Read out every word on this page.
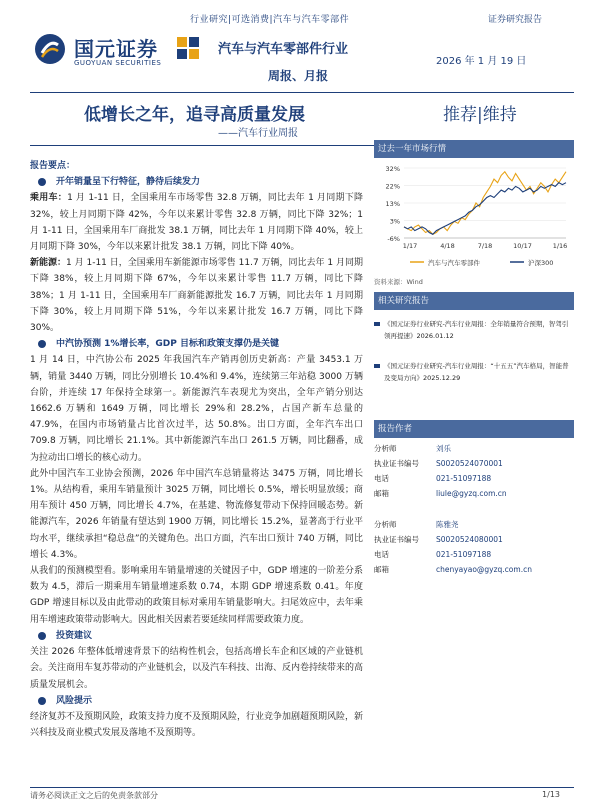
行业研究|可选消费|汽车与汽车零部件	证券研究报告
国元证券
GUOYUAN SECURITIES
汽车与汽车零部件行业
周报、月报
2026 年 1 月 19 日
低增长之年，追寻高质量发展
——汽车行业周报
推荐|维持

报告要点：

开年销量呈下行特征，静待后续发力

乘用车：1 月 1-11 日，全国乘用车市场零售 32.8 万辆，同比去年 1 月同期下降 32%，较上月同期下降 42%，今年以来累计零售 32.8 万辆，同比下降 32%；1 月 1-11 日，全国乘用车厂商批发 38.1 万辆，同比去年 1 月同期下降 40%，较上月同期下降 30%，今年以来累计批发 38.1 万辆，同比下降 40%。

新能源：1 月 1-11 日，全国乘用车新能源市场零售 11.7 万辆，同比去年 1 月同期下降 38%，较上月同期下降 67%，今年以来累计零售 11.7 万辆，同比下降 38%；1 月 1-11 日，全国乘用车厂商新能源批发 16.7 万辆，同比去年 1 月同期下降 30%，较上月同期下降 51%，今年以来累计批发 16.7 万辆，同比下降 30%。

中汽协预测 1%增长率，GDP 目标和政策支撑仍是关键

1 月 14 日，中汽协公布 2025 年我国汽车产销再创历史新高：产量 3453.1 万辆，销量 3440 万辆，同比分别增长 10.4%和 9.4%，连续第三年站稳 3000 万辆台阶，并连续 17 年保持全球第一。新能源汽车表现尤为突出，全年产销分别达 1662.6 万辆和 1649 万辆，同比增长 29%和 28.2%，占国产新车总量的 47.9%，在国内市场销量占比首次过半，达 50.8%。出口方面，全年汽车出口 709.8 万辆，同比增长 21.1%。其中新能源汽车出口 261.5 万辆，同比翻番，成为拉动出口增长的核心动力。

此外中国汽车工业协会预测，2026 年中国汽车总销量将达 3475 万辆，同比增长 1%。从结构看，乘用车销量预计 3025 万辆，同比增长 0.5%，增长明显放缓；商用车预计 450 万辆，同比增长 4.7%，在基建、物流修复带动下保持回暖态势。新能源汽车，2026 年销量有望达到 1900 万辆，同比增长 15.2%，显著高于行业平均水平，继续承担“稳总盘”的关键角色。出口方面，汽车出口预计 740 万辆，同比增长 4.3%。

从我们的预测模型看。影响乘用车销量增速的关键因子中，GDP 增速的一阶差分系数为 4.5，滞后一期乘用车销量增速系数 0.74，本期 GDP 增速系数 0.41。年度 GDP 增速目标以及由此带动的政策目标对乘用车销量影响大。扫尾效应中，去年乘用车增速政策带动影响大。因此相关因素若要延续同样需要政策力度。

投资建议

关注 2026 年整体低增速背景下的结构性机会，包括高增长车企和区域的产业链机会。关注商用车复苏带动的产业链机会，以及汽车科技、出海、反内卷持续带来的高质量发展机会。

风险提示

经济复苏不及预期风险，政策支持力度不及预期风险，行业竞争加剧超预期风险，新兴科技及商业模式发展及落地不及预期等。

过去一年市场行情
32%
22%
13%
3%
-6%
1/17	4/18	7/18	10/17	1/16
汽车与汽车零部件	沪深300
资料来源：Wind
相关研究报告
《国元证券行业研究-汽车行业周报：全年销量符合预期，智驾引领再提速》2026.01.12
《国元证券行业研究-汽车行业周报：“十五五”汽车格局，智能普及变局方向》2025.12.29
报告作者
分析师	刘乐
执业证书编号	S0020524070001
电话	021-51097188
邮箱	liule@gyzq.com.cn
分析师	陈雅尧
执业证书编号	S0020524080001
电话	021-51097188
邮箱	chenyayao@gyzq.com.cn
请务必阅读正文之后的免责条款部分	1/13
